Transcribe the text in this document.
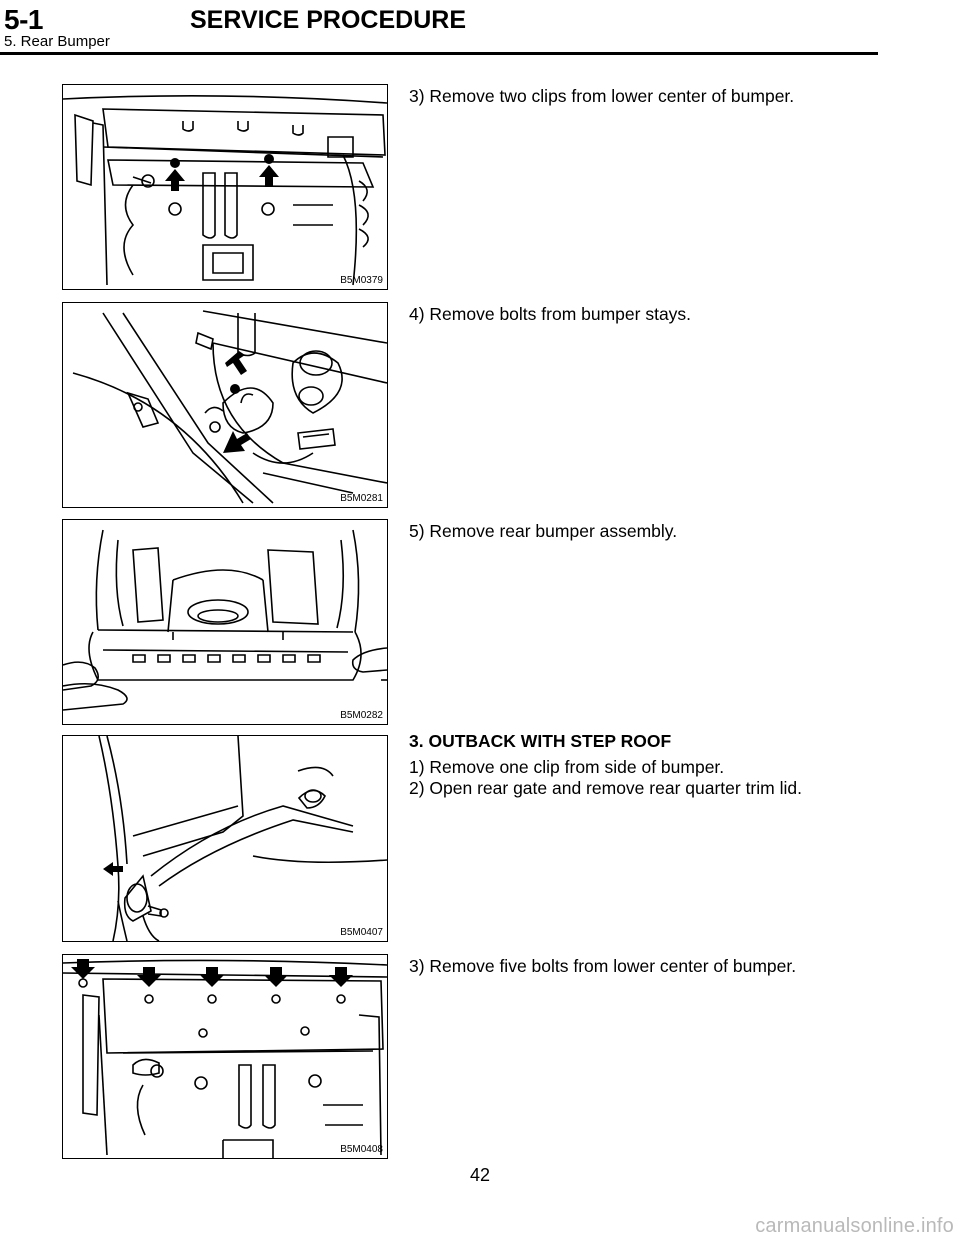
5-1	SERVICE PROCEDURE
5. Rear Bumper
B5M0379
3) Remove two clips from lower center of bumper.
B5M0281
4) Remove bolts from bumper stays.
B5M0282
5) Remove rear bumper assembly.
B5M0407
3. OUTBACK WITH STEP ROOF
1) Remove one clip from side of bumper.
2) Open rear gate and remove rear quarter trim lid.
B5M0408
3) Remove five bolts from lower center of bumper.
42
carmanualsonline.info
